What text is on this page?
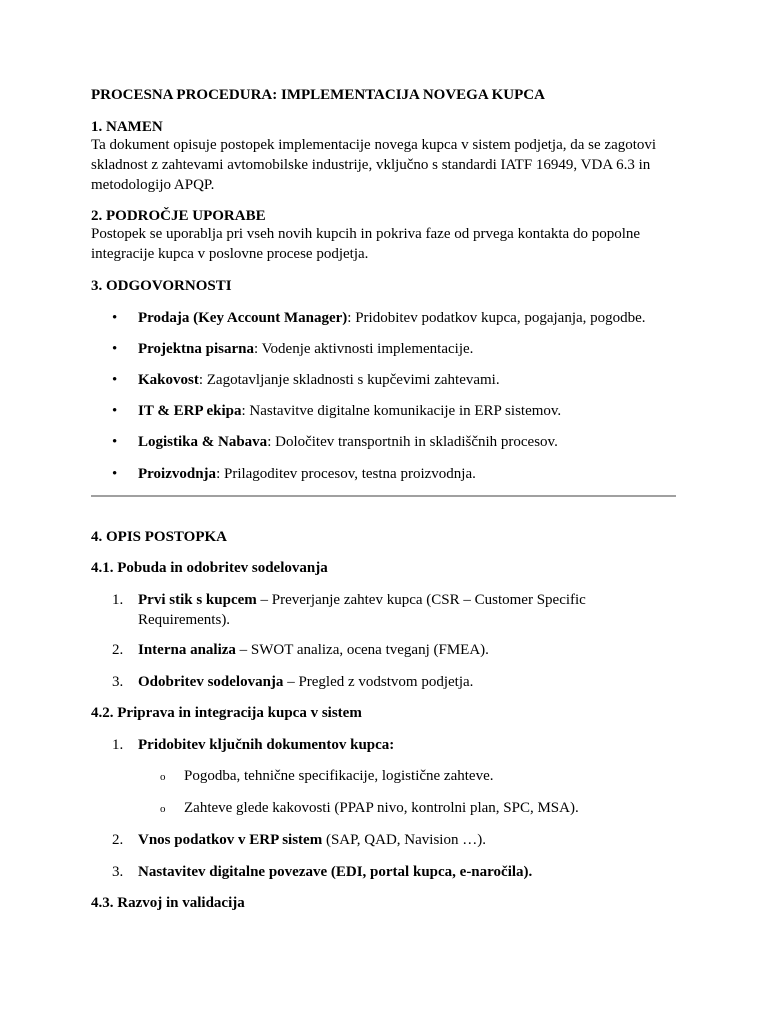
PROCESNA PROCEDURA: IMPLEMENTACIJA NOVEGA KUPCA
1. NAMEN

Ta dokument opisuje postopek implementacije novega kupca v sistem podjetja, da se zagotovi skladnost z zahtevami avtomobilske industrije, vključno s standardi IATF 16949, VDA 6.3 in metodologijo APQP.

2. PODROČJE UPORABE

Postopek se uporablja pri vseh novih kupcih in pokriva faze od prvega kontakta do popolne integracije kupca v poslovne procese podjetja.

3. ODGOVORNOSTI
• Prodaja (Key Account Manager): Pridobitev podatkov kupca, pogajanja, pogodbe.
• Projektna pisarna: Vodenje aktivnosti implementacije.
• Kakovost: Zagotavljanje skladnosti s kupčevimi zahtevami.
• IT & ERP ekipa: Nastavitve digitalne komunikacije in ERP sistemov.
• Logistika & Nabava: Določitev transportnih in skladiščnih procesov.
• Proizvodnja: Prilagoditev procesov, testna proizvodnja.
4. OPIS POSTOPKA
4.1. Pobuda in odobritev sodelovanja
1. Prvi stik s kupcem – Preverjanje zahtev kupca (CSR – Customer Specific Requirements).
2. Interna analiza – SWOT analiza, ocena tveganj (FMEA).
3. Odobritev sodelovanja – Pregled z vodstvom podjetja.
4.2. Priprava in integracija kupca v sistem
1. Pridobitev ključnih dokumentov kupca:
o Pogodba, tehnične specifikacije, logistične zahteve.
o Zahteve glede kakovosti (PPAP nivo, kontrolni plan, SPC, MSA).
2. Vnos podatkov v ERP sistem (SAP, QAD, Navision …).
3. Nastavitev digitalne povezave (EDI, portal kupca, e-naročila).
4.3. Razvoj in validacija
